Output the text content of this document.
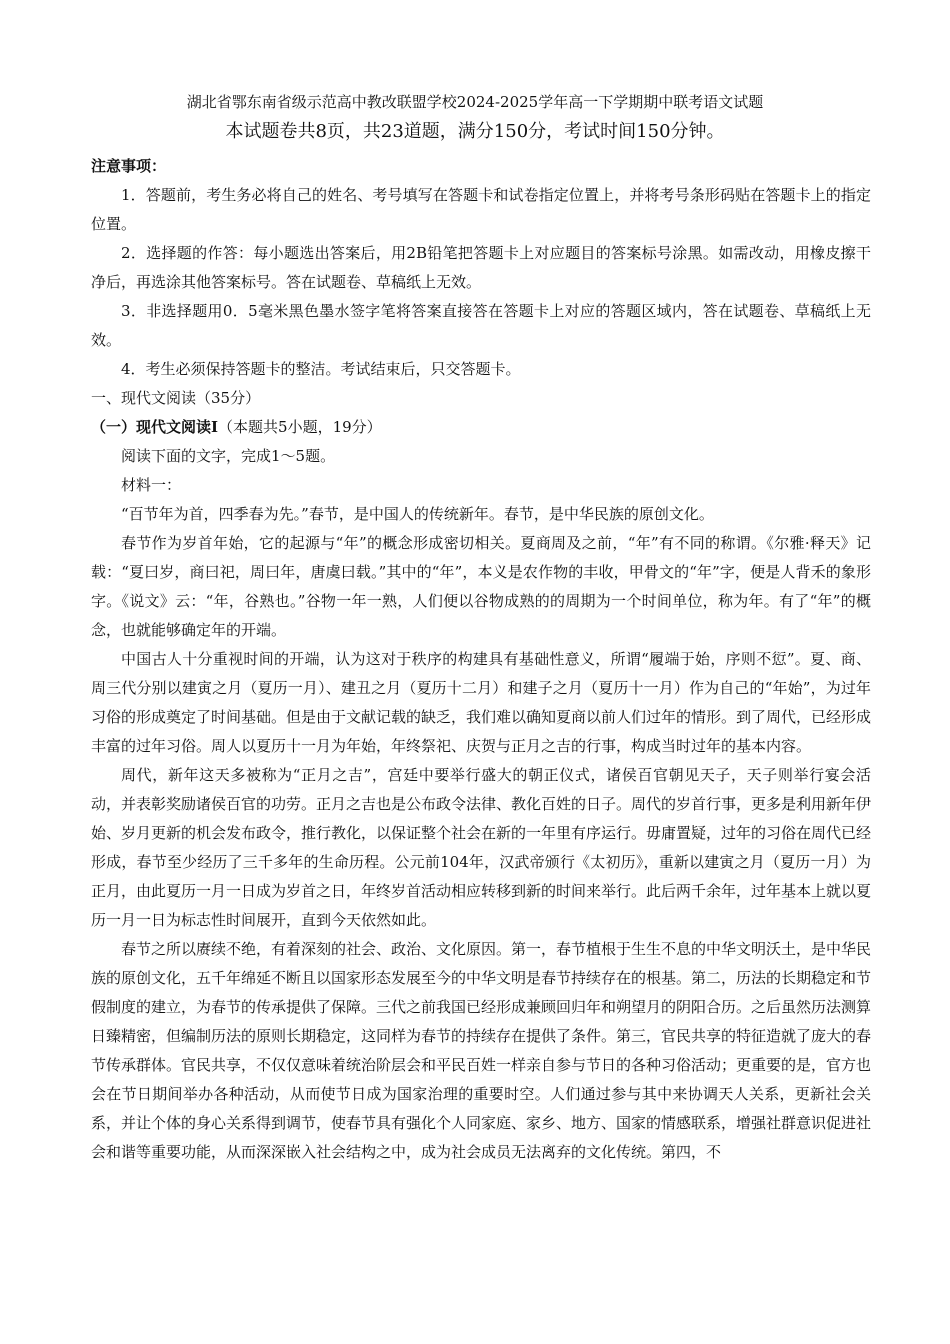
湖北省鄂东南省级示范高中教改联盟学校2024-2025学年高一下学期期中联考语文试题
本试题卷共8页，共23道题，满分150分，考试时间150分钟。

注意事项：

1．答题前，考生务必将自己的姓名、考号填写在答题卡和试卷指定位置上，并将考号条形码贴在答题卡上的指定位置。

2．选择题的作答：每小题选出答案后，用2B铅笔把答题卡上对应题目的答案标号涂黑。如需改动，用橡皮擦干净后，再选涂其他答案标号。答在试题卷、草稿纸上无效。

3．非选择题用0．5毫米黑色墨水签字笔将答案直接答在答题卡上对应的答题区域内，答在试题卷、草稿纸上无效。

4．考生必须保持答题卡的整洁。考试结束后，只交答题卡。

一、现代文阅读（35分）

（一）现代文阅读Ⅰ（本题共5小题，19分）

阅读下面的文字，完成1～5题。

材料一：

“百节年为首，四季春为先。”春节，是中国人的传统新年。春节，是中华民族的原创文化。

春节作为岁首年始，它的起源与“年”的概念形成密切相关。夏商周及之前，“年”有不同的称谓。《尔雅·释天》记载：“夏曰岁，商曰祀，周曰年，唐虞曰载。”其中的“年”，本义是农作物的丰收，甲骨文的“年”字，便是人背禾的象形字。《说文》云：“年，谷熟也。”谷物一年一熟，人们便以谷物成熟的的周期为一个时间单位，称为年。有了“年”的概念，也就能够确定年的开端。

中国古人十分重视时间的开端，认为这对于秩序的构建具有基础性意义，所谓“履端于始，序则不愆”。夏、商、周三代分别以建寅之月（夏历一月）、建丑之月（夏历十二月）和建子之月（夏历十一月）作为自己的“年始”，为过年习俗的形成奠定了时间基础。但是由于文献记载的缺乏，我们难以确知夏商以前人们过年的情形。到了周代，已经形成丰富的过年习俗。周人以夏历十一月为年始，年终祭祀、庆贺与正月之吉的行事，构成当时过年的基本内容。

周代，新年这天多被称为“正月之吉”，宫廷中要举行盛大的朝正仪式，诸侯百官朝见天子，天子则举行宴会活动，并表彰奖励诸侯百官的功劳。正月之吉也是公布政令法律、教化百姓的日子。周代的岁首行事，更多是利用新年伊始、岁月更新的机会发布政令，推行教化，以保证整个社会在新的一年里有序运行。毋庸置疑，过年的习俗在周代已经形成，春节至少经历了三千多年的生命历程。公元前104年，汉武帝颁行《太初历》，重新以建寅之月（夏历一月）为正月，由此夏历一月一日成为岁首之日，年终岁首活动相应转移到新的时间来举行。此后两千余年，过年基本上就以夏历一月一日为标志性时间展开，直到今天依然如此。

春节之所以赓续不绝，有着深刻的社会、政治、文化原因。第一，春节植根于生生不息的中华文明沃土，是中华民族的原创文化，五千年绵延不断且以国家形态发展至今的中华文明是春节持续存在的根基。第二，历法的长期稳定和节假制度的建立，为春节的传承提供了保障。三代之前我国已经形成兼顾回归年和朔望月的阴阳合历。之后虽然历法测算日臻精密，但编制历法的原则长期稳定，这同样为春节的持续存在提供了条件。第三，官民共享的特征造就了庞大的春节传承群体。官民共享，不仅仅意味着统治阶层会和平民百姓一样亲自参与节日的各种习俗活动；更重要的是，官方也会在节日期间举办各种活动，从而使节日成为国家治理的重要时空。人们通过参与其中来协调天人关系，更新社会关系，并让个体的身心关系得到调节，使春节具有强化个人同家庭、家乡、地方、国家的情感联系，增强社群意识促进社会和谐等重要功能，从而深深嵌入社会结构之中，成为社会成员无法离弃的文化传统。第四，不
